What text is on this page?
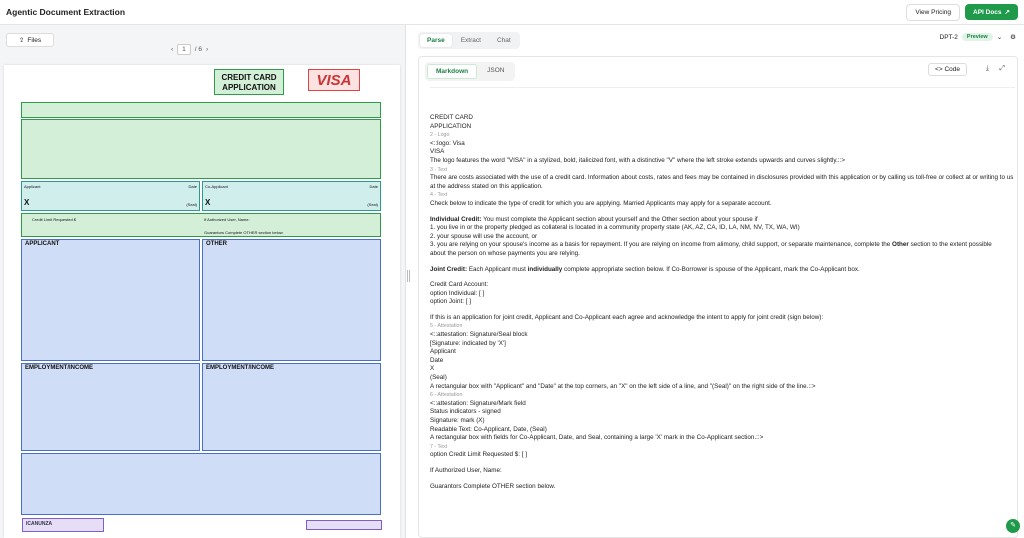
Agentic Document Extraction	View Pricing	API Docs ↗
⇪ Files
‹	1	/ 6 ›
CREDIT CARD
APPLICATION	VISA
Applicant	Date
X	(Seal)
Co-Applicant	Date
X	(Seal)
Credit Limit Requested $	If Authorized User, Name:
Guarantors Complete OTHER section below.
APPLICANT	OTHER
EMPLOYMENT/INCOME	EMPLOYMENT/INCOME
ICANUNZA
Parse	Extract	Chat	DPT-2	Preview	⌄ ⚙
Markdown	JSON	<> Code	⤓ ⤢

CREDIT CARD

APPLICATION

2 - Logo

<::logo: Visa

VISA

The logo features the word "VISA" in a stylized, bold, italicized font, with a distinctive "V" where the left stroke extends upwards and curves slightly.::>

3 - Text

There are costs associated with the use of a credit card. Information about costs, rates and fees may be contained in disclosures provided with this application or by calling us toll-free or collect at or writing to us at the address stated on this application.

4 - Text

Check below to indicate the type of credit for which you are applying. Married Applicants may apply for a separate account.

Individual Credit: You must complete the Applicant section about yourself and the Other section about your spouse if

1. you live in or the property pledged as collateral is located in a community property state (AK, AZ, CA, ID, LA, NM, NV, TX, WA, WI)

2. your spouse will use the account, or

3. you are relying on your spouse's income as a basis for repayment. If you are relying on income from alimony, child support, or separate maintenance, complete the Other section to the extent possible

about the person on whose payments you are relying.

Joint Credit: Each Applicant must individually complete appropriate section below. If Co-Borrower is spouse of the Applicant, mark the Co-Applicant box.

Credit Card Account:

option Individual: [ ]

option Joint: [ ]

If this is an application for joint credit, Applicant and Co-Applicant each agree and acknowledge the intent to apply for joint credit (sign below):

5 - Attestation

<::attestation: Signature/Seal block

[Signature: indicated by 'X']

Applicant

Date

X

(Seal)

A rectangular box with "Applicant" and "Date" at the top corners, an "X" on the left side of a line, and "(Seal)" on the right side of the line.::>

6 - Attestation

<::attestation: Signature/Mark field

Status indicators - signed

Signature: mark (X)

Readable Text: Co-Applicant, Date, (Seal)

A rectangular box with fields for Co-Applicant, Date, and Seal, containing a large 'X' mark in the Co-Applicant section.::>

7 - Text

option Credit Limit Requested $: [ ]

If Authorized User, Name:

Guarantors Complete OTHER section below.

✎
